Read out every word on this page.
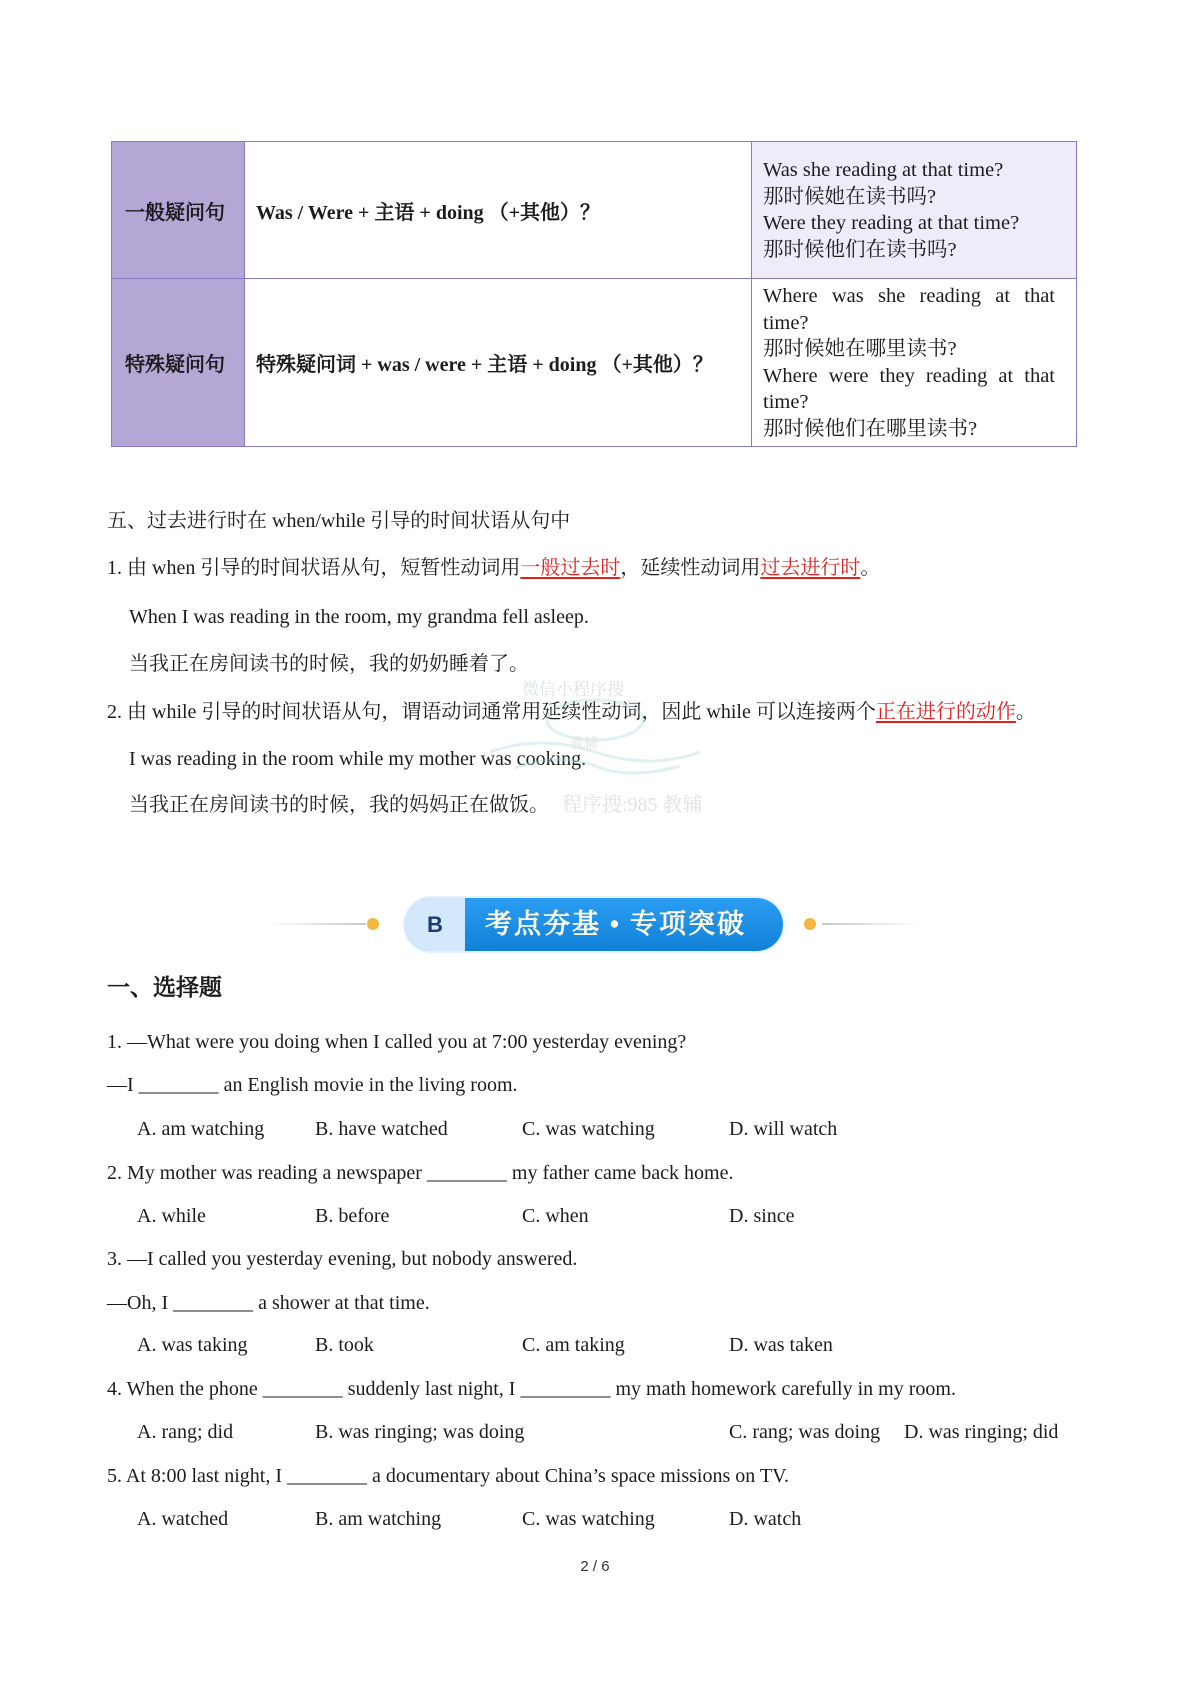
一般疑问句	Was / Were + 主语 + doing （+其他）？	Was she reading at that time?
那时候她在读书吗?
Were they reading at that time?
那时候他们在读书吗?

特殊疑问句	特殊疑问词 + was / were + 主语 + doing （+其他）？	Where was she reading at that time?
那时候她在哪里读书?
Where were they reading at that time?
那时候他们在哪里读书?
五、过去进行时在 when/while 引导的时间状语从句中
1. 由 when 引导的时间状语从句，短暂性动词用一般过去时，延续性动词用过去进行时。
When I was reading in the room, my grandma fell asleep.
当我正在房间读书的时候，我的奶奶睡着了。
2. 由 while 引导的时间状语从句，谓语动词通常用延续性动词，因此 while 可以连接两个正在进行的动作。
I was reading in the room while my mother was cooking.
当我正在房间读书的时候，我的妈妈正在做饭。
微信小程序搜
教辅
程序搜:985 教辅
B 考点夯基 • 专项突破
一、选择题
1. —What were you doing when I called you at 7:00 yesterday evening?
—I ________ an English movie in the living room.
A. am watching	B. have watched	C. was watching	D. will watch
2. My mother was reading a newspaper ________ my father came back home.
A. while	B. before	C. when	D. since
3. —I called you yesterday evening, but nobody answered.
—Oh, I ________ a shower at that time.
A. was taking	B. took	C. am taking	D. was taken
4. When the phone ________ suddenly last night, I _________ my math homework carefully in my room.
A. rang; did	B. was ringing; was doing	C. rang; was doing D. was ringing; did
5. At 8:00 last night, I ________ a documentary about China’s space missions on TV.
A. watched	B. am watching	C. was watching	D. watch
2 / 6
